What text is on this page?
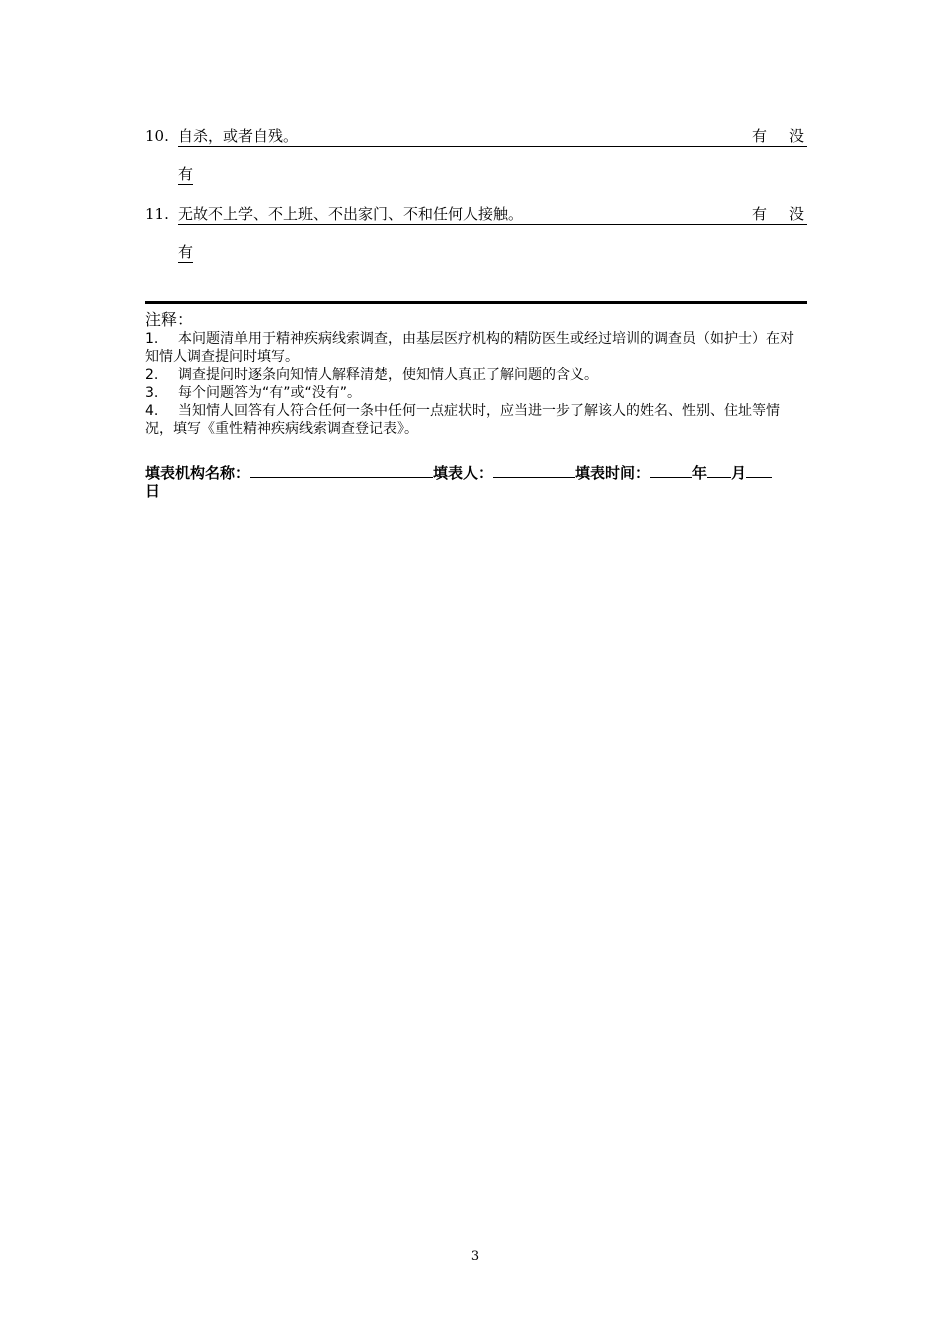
10. 自杀，或者自残。	有 没
有
11. 无故不上学、不上班、不出家门、不和任何人接触。	有 没
有
注释：
1. 本问题清单用于精神疾病线索调查，由基层医疗机构的精防医生或经过培训的调查员（如护士）在对知情人调查提问时填写。
2. 调查提问时逐条向知情人解释清楚，使知情人真正了解问题的含义。
3. 每个问题答为“有”或“没有”。
4. 当知情人回答有人符合任何一条中任何一点症状时，应当进一步了解该人的姓名、性别、住址等情况，填写《重性精神疾病线索调查登记表》。
填表机构名称：	填表人：	填表时间：	年 月
日
3
